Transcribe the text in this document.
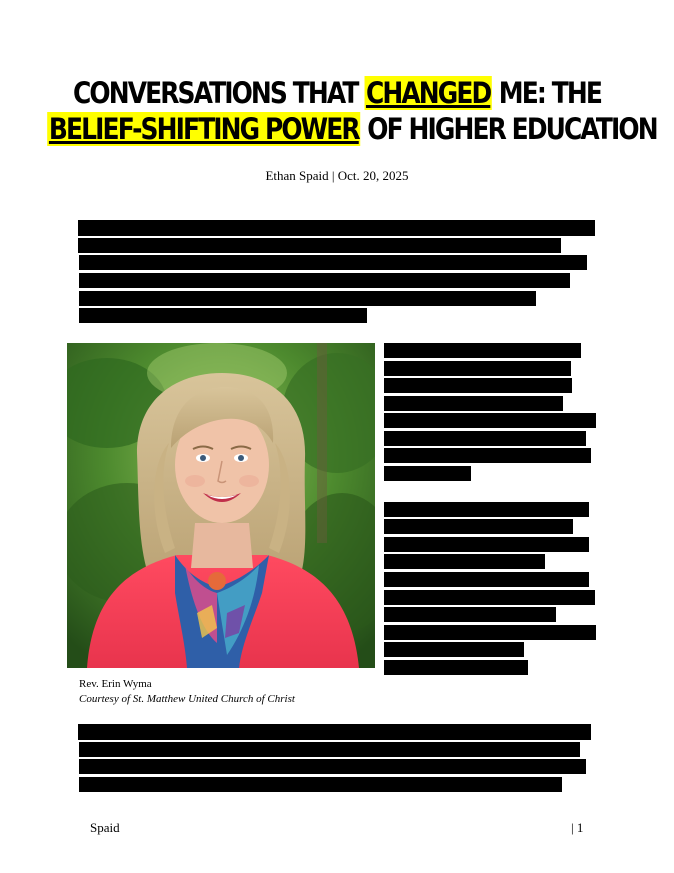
CONVERSATIONS THAT CHANGED ME: THE
BELIEF-SHIFTING POWER OF HIGHER EDUCATION
Ethan Spaid | Oct. 20, 2025
Rev. Erin Wyma
Courtesy of St. Matthew United Church of Christ
Spaid	| 1
